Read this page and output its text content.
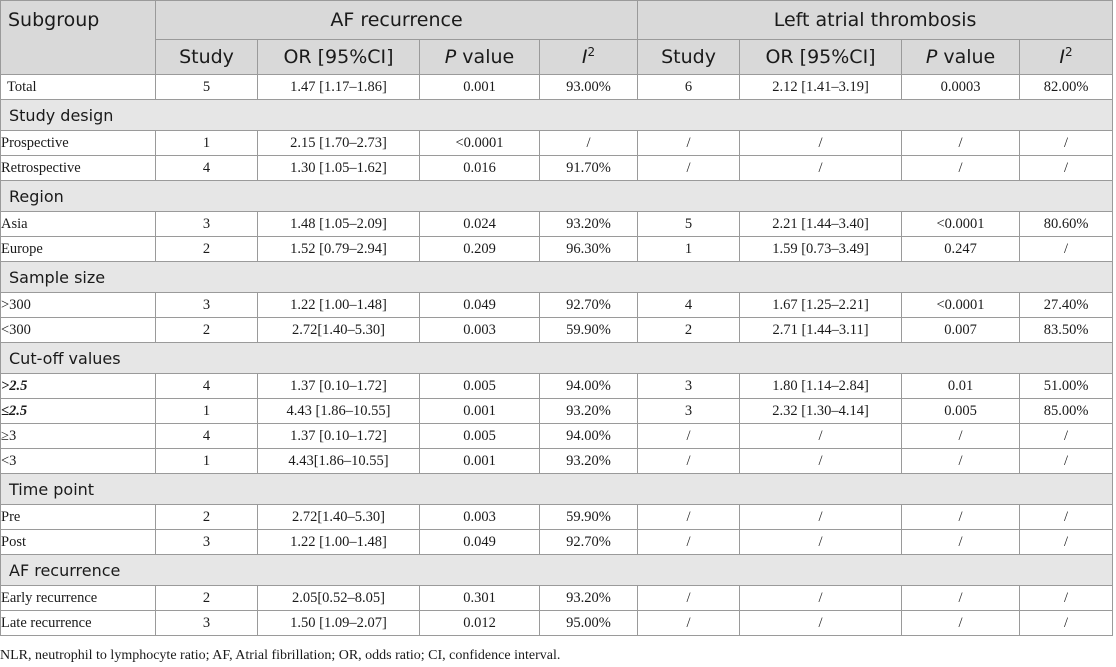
Subgroup	AF recurrence				Left atrial thrombosis			
	Study	OR [95%CI]	P value	$I^2$	Study	OR [95%CI]	P value	$I^2$
Total	5	1.47 [1.17–1.86]	0.001	93.00%	6	2.12 [1.41–3.19]	0.0003	82.00%
Study design								
Prospective	1	2.15 [1.70–2.73]	<0.0001	/	/	/	/	/
Retrospective	4	1.30 [1.05–1.62]	0.016	91.70%	/	/	/	/
Region								
Asia	3	1.48 [1.05–2.09]	0.024	93.20%	5	2.21 [1.44–3.40]	<0.0001	80.60%
Europe	2	1.52 [0.79–2.94]	0.209	96.30%	1	1.59 [0.73–3.49]	0.247	/
Sample size								
>300	3	1.22 [1.00–1.48]	0.049	92.70%	4	1.67 [1.25–2.21]	<0.0001	27.40%
<300	2	2.72[1.40–5.30]	0.003	59.90%	2	2.71 [1.44–3.11]	0.007	83.50%
Cut-off values								
>2.5	4	1.37 [0.10–1.72]	0.005	94.00%	3	1.80 [1.14–2.84]	0.01	51.00%
≤2.5	1	4.43 [1.86–10.55]	0.001	93.20%	3	2.32 [1.30–4.14]	0.005	85.00%
≥3	4	1.37 [0.10–1.72]	0.005	94.00%	/	/	/	/
<3	1	4.43[1.86–10.55]	0.001	93.20%	/	/	/	/
Time point								
Pre	2	2.72[1.40–5.30]	0.003	59.90%	/	/	/	/
Post	3	1.22 [1.00–1.48]	0.049	92.70%	/	/	/	/
AF recurrence								
Early recurrence	2	2.05[0.52–8.05]	0.301	93.20%	/	/	/	/
Late recurrence	3	1.50 [1.09–2.07]	0.012	95.00%	/	/	/	/
NLR, neutrophil to lymphocyte ratio; AF, Atrial fibrillation; OR, odds ratio; CI, confidence interval.
